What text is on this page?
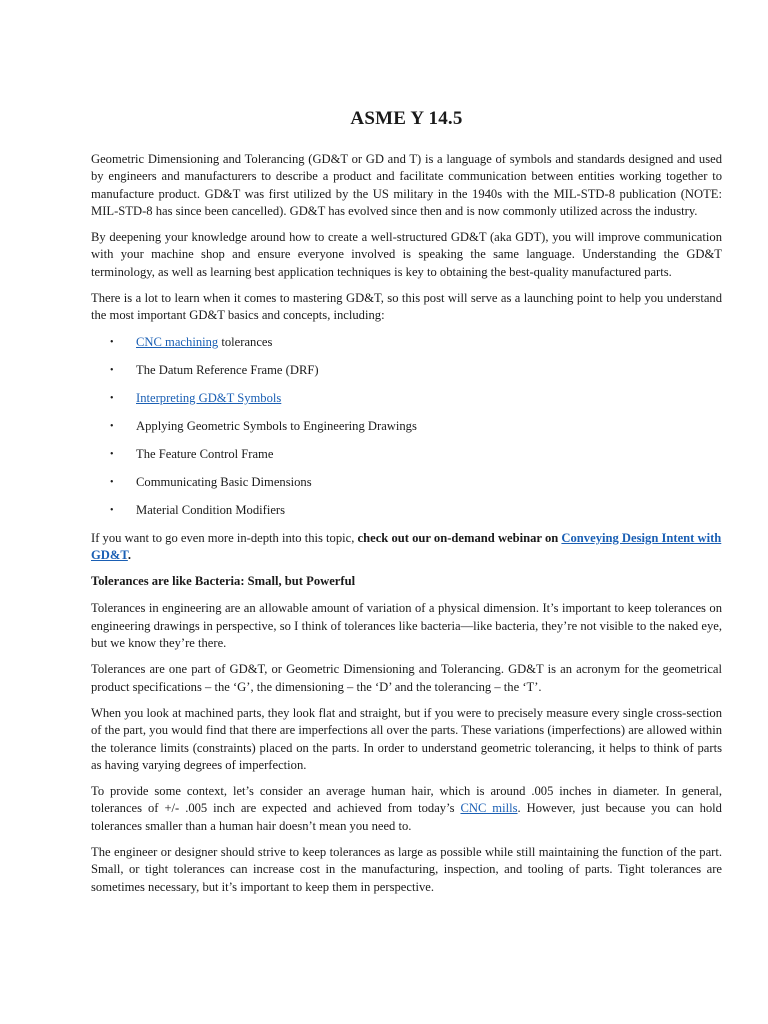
ASME Y 14.5

Geometric Dimensioning and Tolerancing (GD&T or GD and T) is a language of symbols and standards designed and used by engineers and manufacturers to describe a product and facilitate communication between entities working together to manufacture product. GD&T was first utilized by the US military in the 1940s with the MIL-STD-8 publication (NOTE: MIL-STD-8 has since been cancelled). GD&T has evolved since then and is now commonly utilized across the industry.

By deepening your knowledge around how to create a well-structured GD&T (aka GDT), you will improve communication with your machine shop and ensure everyone involved is speaking the same language. Understanding the GD&T terminology, as well as learning best application techniques is key to obtaining the best-quality manufactured parts.

There is a lot to learn when it comes to mastering GD&T, so this post will serve as a launching point to help you understand the most important GD&T basics and concepts, including:

• CNC machining tolerances
• The Datum Reference Frame (DRF)
• Interpreting GD&T Symbols
• Applying Geometric Symbols to Engineering Drawings
• The Feature Control Frame
• Communicating Basic Dimensions
• Material Condition Modifiers

If you want to go even more in-depth into this topic, check out our on-demand webinar on Conveying Design Intent with GD&T.

Tolerances are like Bacteria: Small, but Powerful

Tolerances in engineering are an allowable amount of variation of a physical dimension. It’s important to keep tolerances on engineering drawings in perspective, so I think of tolerances like bacteria—like bacteria, they’re not visible to the naked eye, but we know they’re there.

Tolerances are one part of GD&T, or Geometric Dimensioning and Tolerancing. GD&T is an acronym for the geometrical product specifications – the ‘G’, the dimensioning – the ‘D’ and the tolerancing – the ‘T’.

When you look at machined parts, they look flat and straight, but if you were to precisely measure every single cross-section of the part, you would find that there are imperfections all over the parts. These variations (imperfections) are allowed within the tolerance limits (constraints) placed on the parts. In order to understand geometric tolerancing, it helps to think of parts as having varying degrees of imperfection.

To provide some context, let’s consider an average human hair, which is around .005 inches in diameter. In general, tolerances of +/- .005 inch are expected and achieved from today’s CNC mills. However, just because you can hold tolerances smaller than a human hair doesn’t mean you need to.

The engineer or designer should strive to keep tolerances as large as possible while still maintaining the function of the part. Small, or tight tolerances can increase cost in the manufacturing, inspection, and tooling of parts. Tight tolerances are sometimes necessary, but it’s important to keep them in perspective.
